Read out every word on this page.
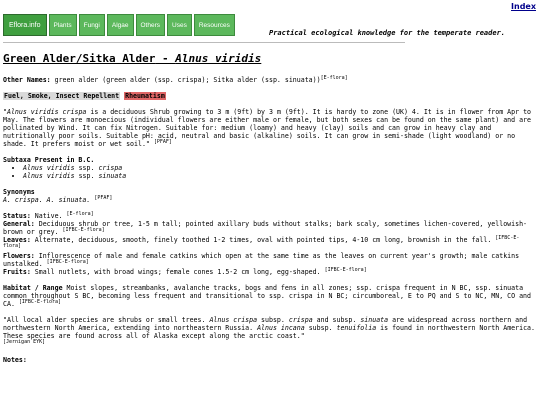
Index
Eflora.info	Plants	Fungi	Algae	Others	Uses	Resources
Practical ecological knowledge for the temperate reader.
Green Alder/Sitka Alder - Alnus viridis

Other Names: green alder (green alder (ssp. crispa); Sitka alder (ssp. sinuata))[E-flora]

Fuel, Smoke, Insect Repellent Rheumatism

"Alnus viridis crispa is a deciduous Shrub growing to 3 m (9ft) by 3 m (9ft). It is hardy to zone (UK) 4. It is in flower from Apr to May. The flowers are monoecious (individual flowers are either male or female, but both sexes can be found on the same plant) and are pollinated by Wind. It can fix Nitrogen. Suitable for: medium (loamy) and heavy (clay) soils and can grow in heavy clay and nutritionally poor soils. Suitable pH: acid, neutral and basic (alkaline) soils. It can grow in semi-shade (light woodland) or no shade. It prefers moist or wet soil." [PFAF]

Subtaxa Present in B.C.
• Alnus viridis ssp. crispa
• Alnus viridis ssp. sinuata
Synonyms

A. crispa. A. sinuata. [PFAF]

Status: Native. [E-flora]
General: Deciduous shrub or tree, 1-5 m tall; pointed axillary buds without stalks; bark scaly, sometimes lichen-covered, yellowish-brown or grey. [IFBC-E-flora]
Leaves: Alternate, deciduous, smooth, finely toothed 1-2 times, oval with pointed tips, 4-10 cm long, brownish in the fall. [IFBC-E-flora]
Flowers: Inflorescence of male and female catkins which open at the same time as the leaves on current year's growth; male catkins unstalked. [IFBC-E-flora]
Fruits: Small nutlets, with broad wings; female cones 1.5-2 cm long, egg-shaped. [IFBC-E-flora]

Habitat / Range Moist slopes, streambanks, avalanche tracks, bogs and fens in all zones; ssp. crispa frequent in N BC, ssp. sinuata common throughout S BC, becoming less frequent and transitional to ssp. crispa in N BC; circumboreal, E to PQ and S to NC, MN, CO and CA. [IFBC-E-flora]

"All local alder species are shrubs or small trees. Alnus crispa subsp. crispa and subsp. sinuata are widespread across northern and northwestern North America, extending into northeastern Russia. Alnus incana subsp. tenuifolia is found in northwestern North America. These species are found across all of Alaska except along the arctic coast."
[Jernigan EYK]

Notes:
